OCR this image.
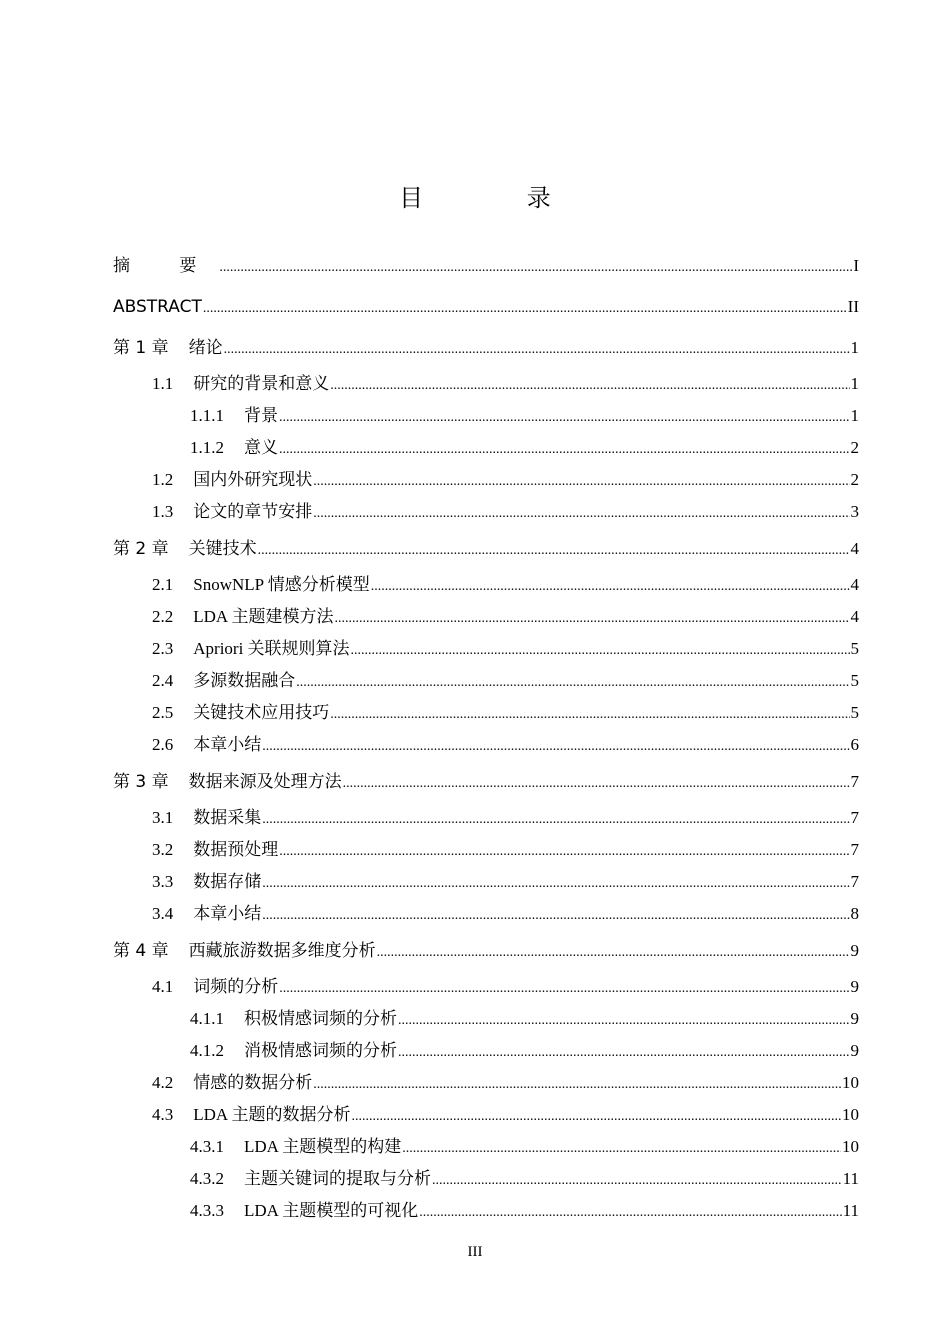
目 录
摘 要 .....	I
ABSTRACT .....	II
第 1 章 绪论 .....	1
1.1 研究的背景和意义 .....	1
1.1.1 背景 .....	1
1.1.2 意义 .....	2
1.2 国内外研究现状 .....	2
1.3 论文的章节安排 .....	3
第 2 章 关键技术 .....	4
2.1 SnowNLP 情感分析模型 .....	4
2.2 LDA 主题建模方法 .....	4
2.3 Apriori 关联规则算法 .....	5
2.4 多源数据融合 .....	5
2.5 关键技术应用技巧 .....	5
2.6 本章小结 .....	6
第 3 章 数据来源及处理方法 .....	7
3.1 数据采集 .....	7
3.2 数据预处理 .....	7
3.3 数据存储 .....	7
3.4 本章小结 .....	8
第 4 章 西藏旅游数据多维度分析 .....	9
4.1 词频的分析 .....	9
4.1.1 积极情感词频的分析 .....	9
4.1.2 消极情感词频的分析 .....	9
4.2 情感的数据分析 .....	10
4.3 LDA 主题的数据分析 .....	10
4.3.1 LDA 主题模型的构建 .....	10
4.3.2 主题关键词的提取与分析 .....	11
4.3.3 LDA 主题模型的可视化 .....	11
III
